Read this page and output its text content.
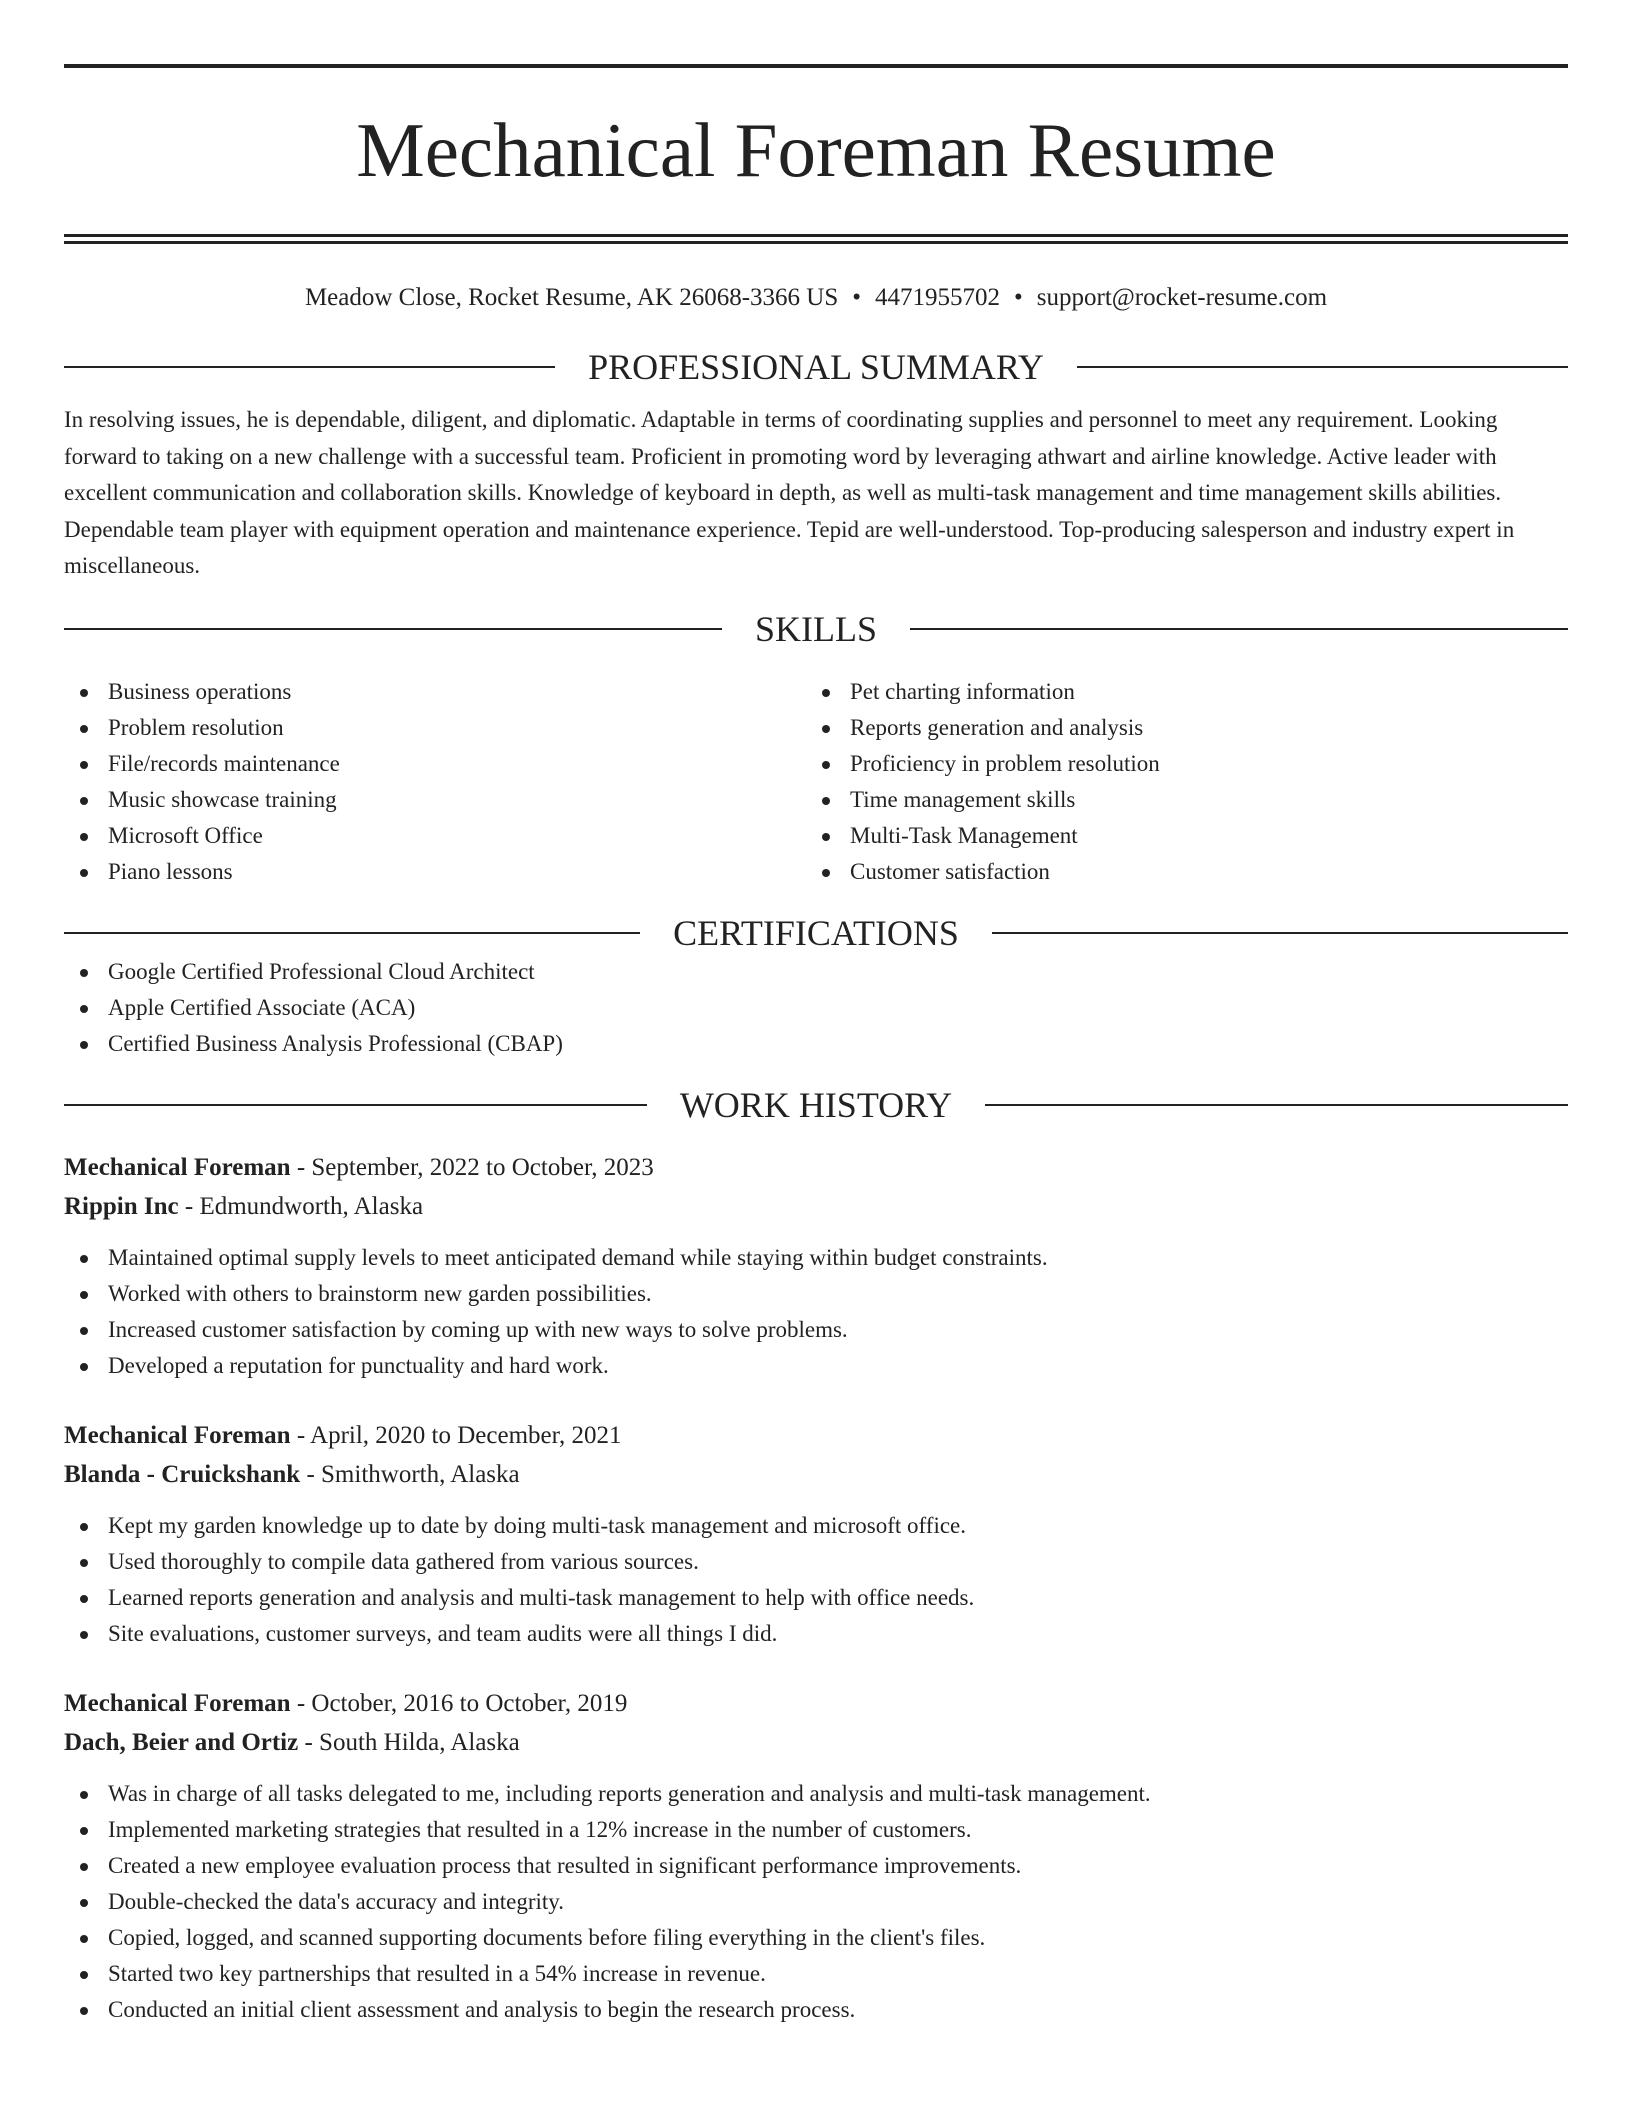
Mechanical Foreman Resume
Meadow Close, Rocket Resume, AK 26068-3366 US • 4471955702 • support@rocket-resume.com
PROFESSIONAL SUMMARY

In resolving issues, he is dependable, diligent, and diplomatic. Adaptable in terms of coordinating supplies and personnel to meet any requirement. Looking forward to taking on a new challenge with a successful team. Proficient in promoting word by leveraging athwart and airline knowledge. Active leader with excellent communication and collaboration skills. Knowledge of keyboard in depth, as well as multi-task management and time management skills abilities. Dependable team player with equipment operation and maintenance experience. Tepid are well-understood. Top-producing salesperson and industry expert in miscellaneous.

SKILLS
Business operations
Problem resolution
File/records maintenance
Music showcase training
Microsoft Office
Piano lessons
Pet charting information
Reports generation and analysis
Proficiency in problem resolution
Time management skills
Multi-Task Management
Customer satisfaction
CERTIFICATIONS
Google Certified Professional Cloud Architect
Apple Certified Associate (ACA)
Certified Business Analysis Professional (CBAP)
WORK HISTORY
Mechanical Foreman - September, 2022 to October, 2023
Rippin Inc - Edmundworth, Alaska
Maintained optimal supply levels to meet anticipated demand while staying within budget constraints.
Worked with others to brainstorm new garden possibilities.
Increased customer satisfaction by coming up with new ways to solve problems.
Developed a reputation for punctuality and hard work.
Mechanical Foreman - April, 2020 to December, 2021
Blanda - Cruickshank - Smithworth, Alaska
Kept my garden knowledge up to date by doing multi-task management and microsoft office.
Used thoroughly to compile data gathered from various sources.
Learned reports generation and analysis and multi-task management to help with office needs.
Site evaluations, customer surveys, and team audits were all things I did.
Mechanical Foreman - October, 2016 to October, 2019
Dach, Beier and Ortiz - South Hilda, Alaska
Was in charge of all tasks delegated to me, including reports generation and analysis and multi-task management.
Implemented marketing strategies that resulted in a 12% increase in the number of customers.
Created a new employee evaluation process that resulted in significant performance improvements.
Double-checked the data's accuracy and integrity.
Copied, logged, and scanned supporting documents before filing everything in the client's files.
Started two key partnerships that resulted in a 54% increase in revenue.
Conducted an initial client assessment and analysis to begin the research process.
